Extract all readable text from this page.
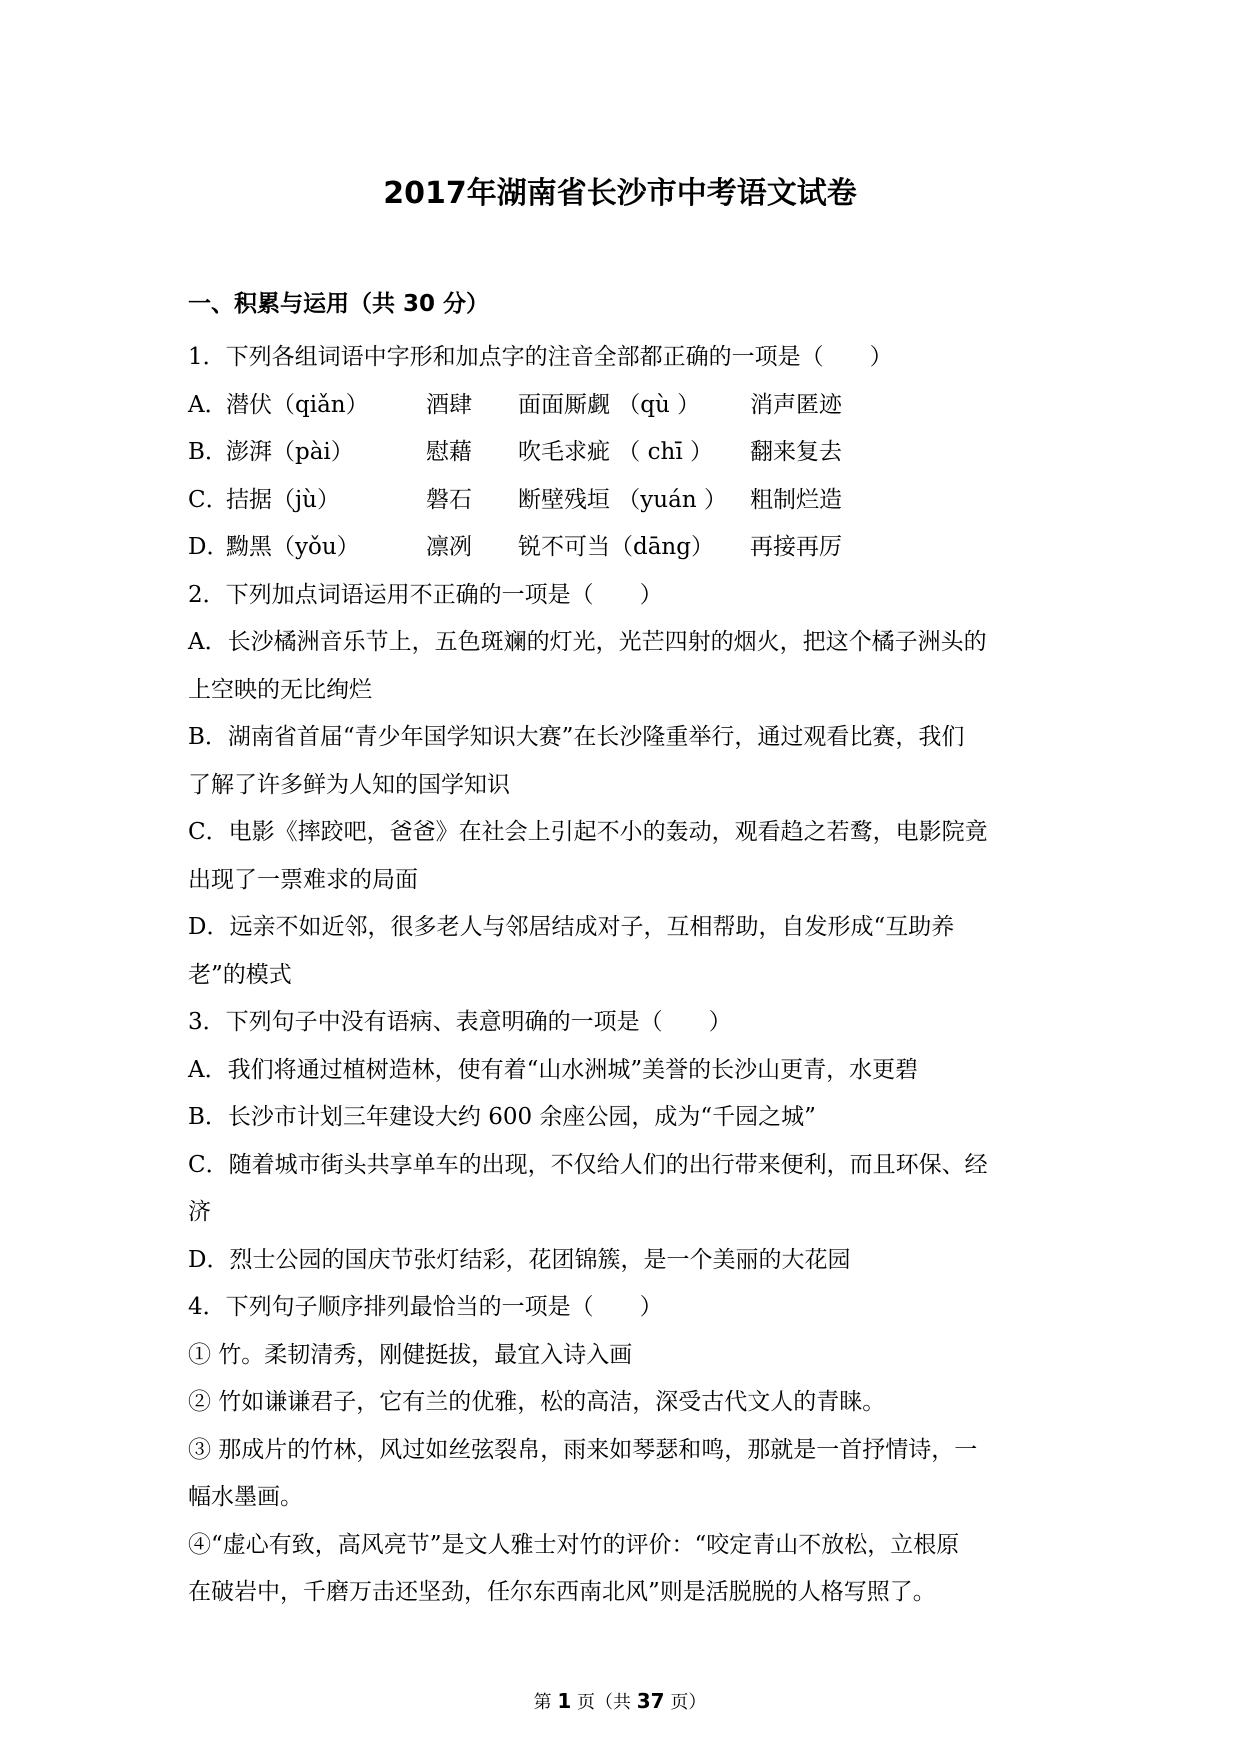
2017年湖南省长沙市中考语文试卷
一、积累与运用（共 30 分）
1．下列各组词语中字形和加点字的注音全部都正确的一项是（　　）
A．
潜伏（qiǎn）	酒肆	面面厮觑 （qù ）	消声匿迹
B．
澎湃（pài）	慰藉	吹毛求疵 （ chī ）	翻来复去
C．
拮据（jù）	磐石	断壁残垣 （yuán ）	粗制烂造
D．
黝黑（yǒu）	凛冽	锐不可当（dāng）	再接再厉
2．下列加点词语运用不正确的一项是（　　）
A．长沙橘洲音乐节上，五色斑斓的灯光，光芒四射的烟火，把这个橘子洲头的
上空映的无比绚烂
B．湖南省首届“青少年国学知识大赛”在长沙隆重举行，通过观看比赛，我们
了解了许多鲜为人知的国学知识
C．电影《摔跤吧，爸爸》在社会上引起不小的轰动，观看趋之若鹜，电影院竟
出现了一票难求的局面
D．远亲不如近邻，很多老人与邻居结成对子，互相帮助，自发形成“互助养
老”的模式
3．下列句子中没有语病、表意明确的一项是（　　）
A．我们将通过植树造林，使有着“山水洲城”美誉的长沙山更青，水更碧
B．长沙市计划三年建设大约 600 余座公园，成为“千园之城”
C．随着城市街头共享单车的出现，不仅给人们的出行带来便利，而且环保、经
济
D．烈士公园的国庆节张灯结彩，花团锦簇，是一个美丽的大花园
4．下列句子顺序排列最恰当的一项是（　　）
① 竹。柔韧清秀，刚健挺拔，最宜入诗入画
② 竹如谦谦君子，它有兰的优雅，松的高洁，深受古代文人的青睐。
③ 那成片的竹林，风过如丝弦裂帛，雨来如琴瑟和鸣，那就是一首抒情诗，一
幅水墨画。
④“虚心有致，高风亮节”是文人雅士对竹的评价：“咬定青山不放松，立根原
在破岩中，千磨万击还坚劲，任尔东西南北风”则是活脱脱的人格写照了。
第 1 页（共 37 页）
